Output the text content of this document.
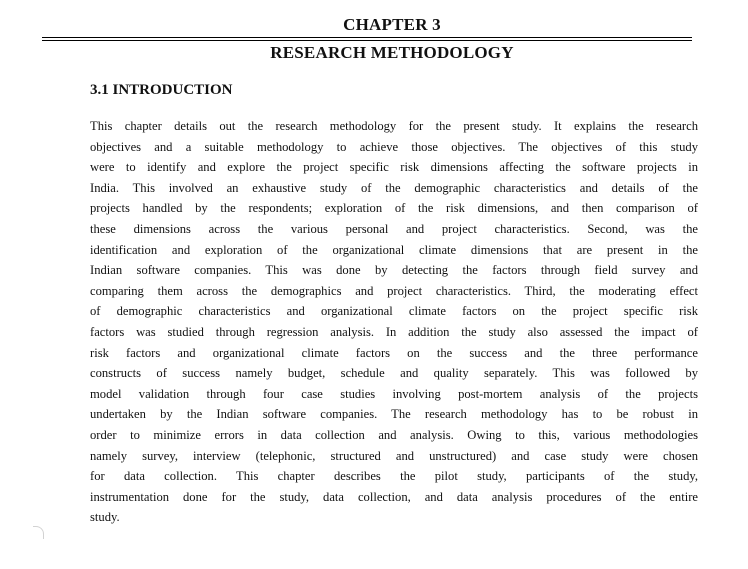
CHAPTER 3
RESEARCH METHODOLOGY
3.1 INTRODUCTION
This chapter details out the research methodology for the present study. It explains the research
objectives and a suitable methodology to achieve those objectives. The objectives of this study
were to identify and explore the project specific risk dimensions affecting the software projects in
India. This involved an exhaustive study of the demographic characteristics and details of the
projects handled by the respondents; exploration of the risk dimensions, and then comparison of
these dimensions across the various personal and project characteristics. Second, was the
identification and exploration of the organizational climate dimensions that are present in the
Indian software companies. This was done by detecting the factors through field survey and
comparing them across the demographics and project characteristics. Third, the moderating effect
of demographic characteristics and organizational climate factors on the project specific risk
factors was studied through regression analysis. In addition the study also assessed the impact of
risk factors and organizational climate factors on the success and the three performance
constructs of success namely budget, schedule and quality separately. This was followed by
model validation through four case studies involving post-mortem analysis of the projects
undertaken by the Indian software companies. The research methodology has to be robust in
order to minimize errors in data collection and analysis. Owing to this, various methodologies
namely survey, interview (telephonic, structured and unstructured) and case study were chosen
for data collection. This chapter describes the pilot study, participants of the study,
instrumentation done for the study, data collection, and data analysis procedures of the entire
study.
